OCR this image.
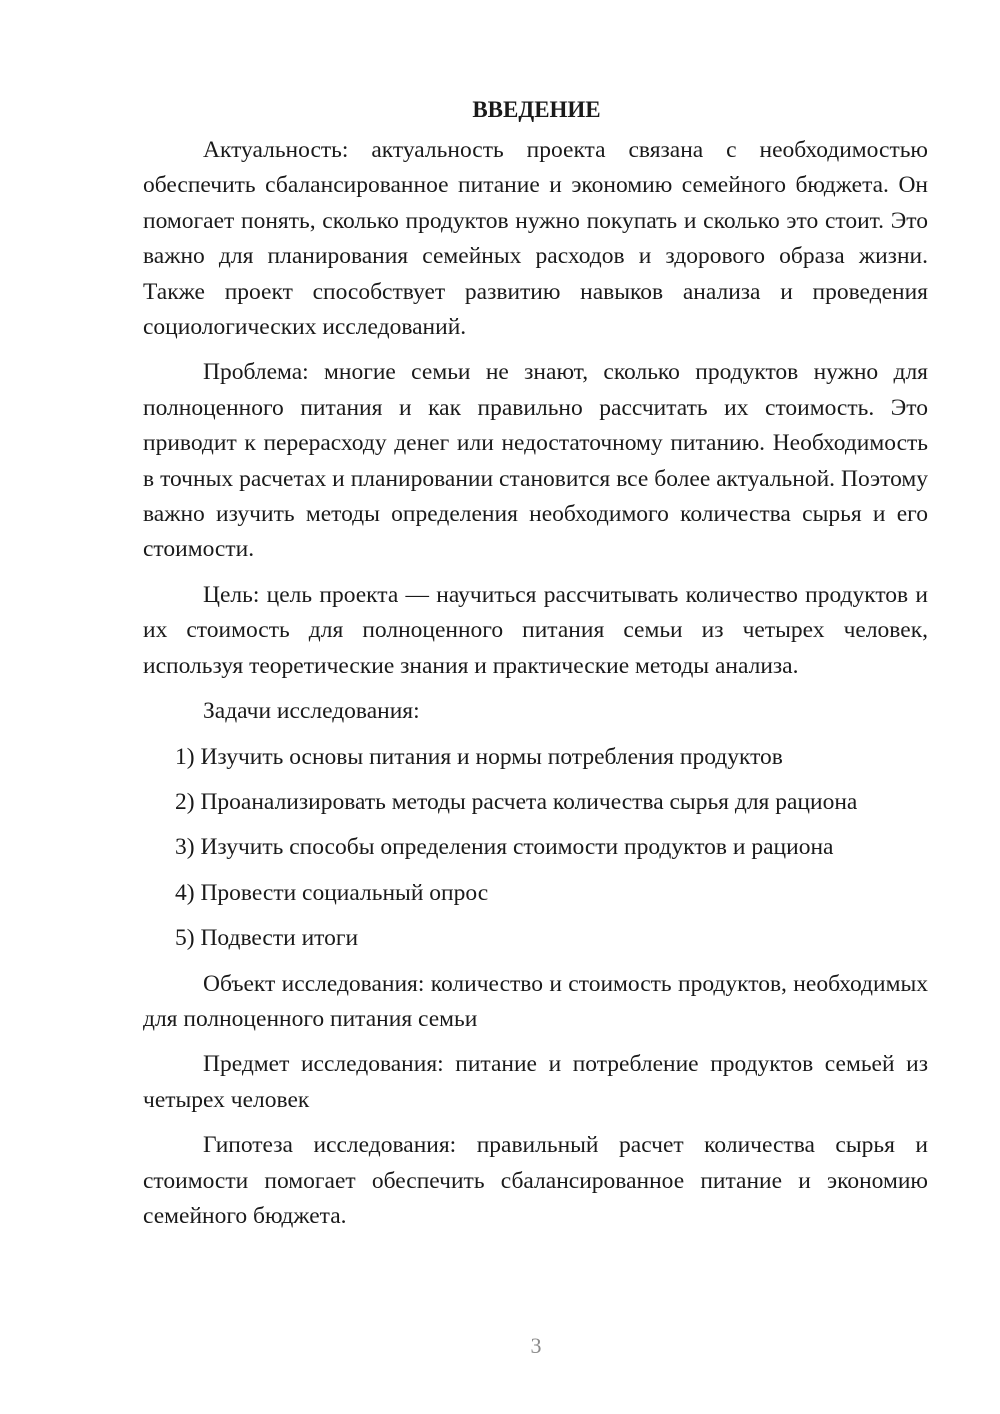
ВВЕДЕНИЕ

Актуальность: актуальность проекта связана с необходимостью обеспечить сбалансированное питание и экономию семейного бюджета. Он помогает понять, сколько продуктов нужно покупать и сколько это стоит. Это важно для планирования семейных расходов и здорового образа жизни. Также проект способствует развитию навыков анализа и проведения социологических исследований.

Проблема: многие семьи не знают, сколько продуктов нужно для полноценного питания и как правильно рассчитать их стоимость. Это приводит к перерасходу денег или недостаточному питанию. Необходимость в точных расчетах и планировании становится все более актуальной. Поэтому важно изучить методы определения необходимого количества сырья и его стоимости.

Цель: цель проекта — научиться рассчитывать количество продуктов и их стоимость для полноценного питания семьи из четырех человек, используя теоретические знания и практические методы анализа.

Задачи исследования:

1) Изучить основы питания и нормы потребления продуктов
2) Проанализировать методы расчета количества сырья для рациона
3) Изучить способы определения стоимости продуктов и рациона
4) Провести социальный опрос
5) Подвести итоги

Объект исследования: количество и стоимость продуктов, необходимых для полноценного питания семьи

Предмет исследования: питание и потребление продуктов семьей из четырех человек

Гипотеза исследования: правильный расчет количества сырья и стоимости помогает обеспечить сбалансированное питание и экономию семейного бюджета.

3
